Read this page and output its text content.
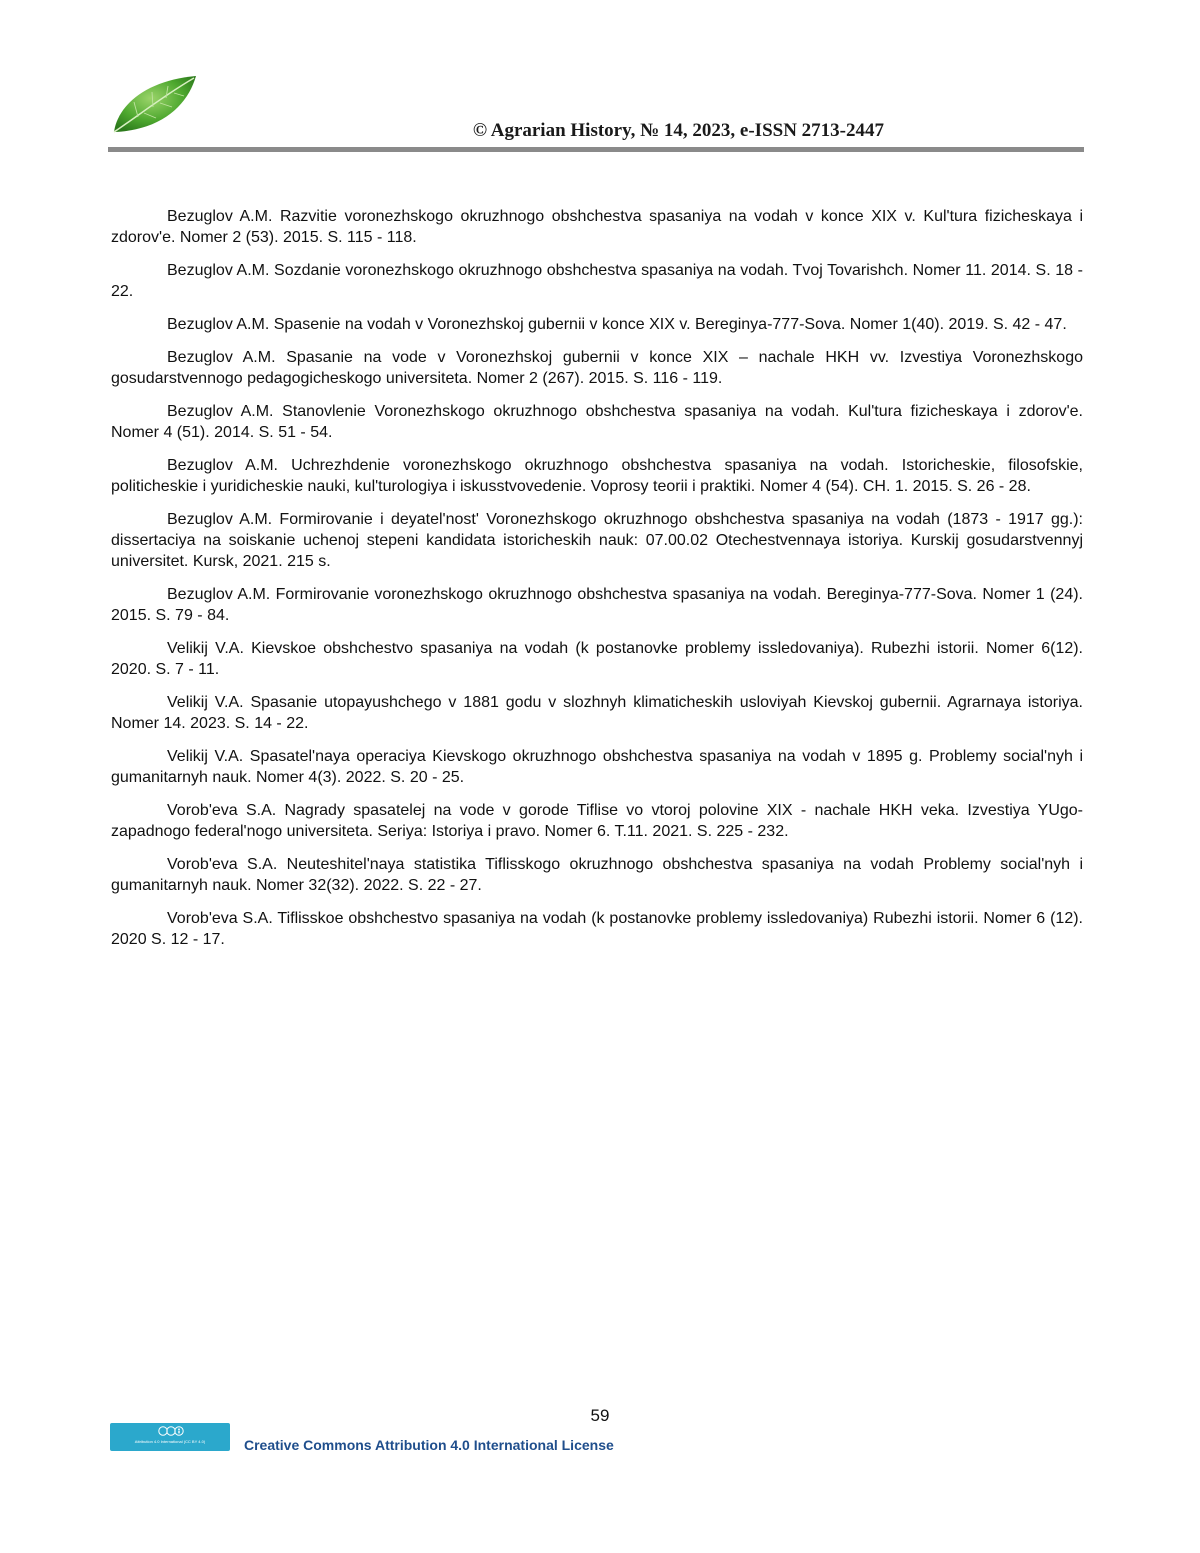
© Agrarian History, № 14, 2023, e-ISSN 2713-2447

Bezuglov A.M. Razvitie voronezhskogo okruzhnogo obshchestva spasaniya na vodah v konce XIX v. Kul'tura fizicheskaya i zdorov'e. Nomer 2 (53). 2015. S. 115 - 118.

Bezuglov A.M. Sozdanie voronezhskogo okruzhnogo obshchestva spasaniya na vodah. Tvoj Tovarishch. Nomer 11. 2014. S. 18 - 22.

Bezuglov A.M. Spasenie na vodah v Voronezhskoj gubernii v konce XIX v. Bereginya-777-Sova. Nomer 1(40). 2019. S. 42 - 47.

Bezuglov A.M. Spasanie na vode v Voronezhskoj gubernii v konce XIX – nachale HKH vv. Izvestiya Voronezhskogo gosudarstvennogo pedagogicheskogo universiteta. Nomer 2 (267). 2015. S. 116 - 119.

Bezuglov A.M. Stanovlenie Voronezhskogo okruzhnogo obshchestva spasaniya na vodah. Kul'tura fizicheskaya i zdorov'e. Nomer 4 (51). 2014. S. 51 - 54.

Bezuglov A.M. Uchrezhdenie voronezhskogo okruzhnogo obshchestva spasaniya na vodah. Istoricheskie, filosofskie, politicheskie i yuridicheskie nauki, kul'turologiya i iskusstvovedenie. Voprosy teorii i praktiki. Nomer 4 (54). CH. 1. 2015. S. 26 - 28.

Bezuglov A.M. Formirovanie i deyatel'nost' Voronezhskogo okruzhnogo obshchestva spasaniya na vodah (1873 - 1917 gg.): dissertaciya na soiskanie uchenoj stepeni kandidata istoricheskih nauk: 07.00.02 Otechestvennaya istoriya. Kurskij gosudarstvennyj universitet. Kursk, 2021. 215 s.

Bezuglov A.M. Formirovanie voronezhskogo okruzhnogo obshchestva spasaniya na vodah. Bereginya-777-Sova. Nomer 1 (24). 2015. S. 79 - 84.

Velikij V.A. Kievskoe obshchestvo spasaniya na vodah (k postanovke problemy issledovaniya). Rubezhi istorii. Nomer 6(12). 2020. S. 7 - 11.

Velikij V.A. Spasanie utopayushchego v 1881 godu v slozhnyh klimaticheskih usloviyah Kievskoj gubernii. Agrarnaya istoriya. Nomer 14. 2023. S. 14 - 22.

Velikij V.A. Spasatel'naya operaciya Kievskogo okruzhnogo obshchestva spasaniya na vodah v 1895 g. Problemy social'nyh i gumanitarnyh nauk. Nomer 4(3). 2022. S. 20 - 25.

Vorob'eva S.A. Nagrady spasatelej na vode v gorode Tiflise vo vtoroj polovine XIX - nachale HKH veka. Izvestiya YUgo-zapadnogo federal'nogo universiteta. Seriya: Istoriya i pravo. Nomer 6. T.11. 2021. S. 225 - 232.

Vorob'eva S.A. Neuteshitel'naya statistika Tiflisskogo okruzhnogo obshchestva spasaniya na vodah Problemy social'nyh i gumanitarnyh nauk. Nomer 32(32). 2022. S. 22 - 27.

Vorob'eva S.A. Tiflisskoe obshchestvo spasaniya na vodah (k postanovke problemy issledovaniya) Rubezhi istorii. Nomer 6 (12). 2020 S. 12 - 17.

59
Attribution 4.0 International (CC BY 4.0)	Creative Commons Attribution 4.0 International License
